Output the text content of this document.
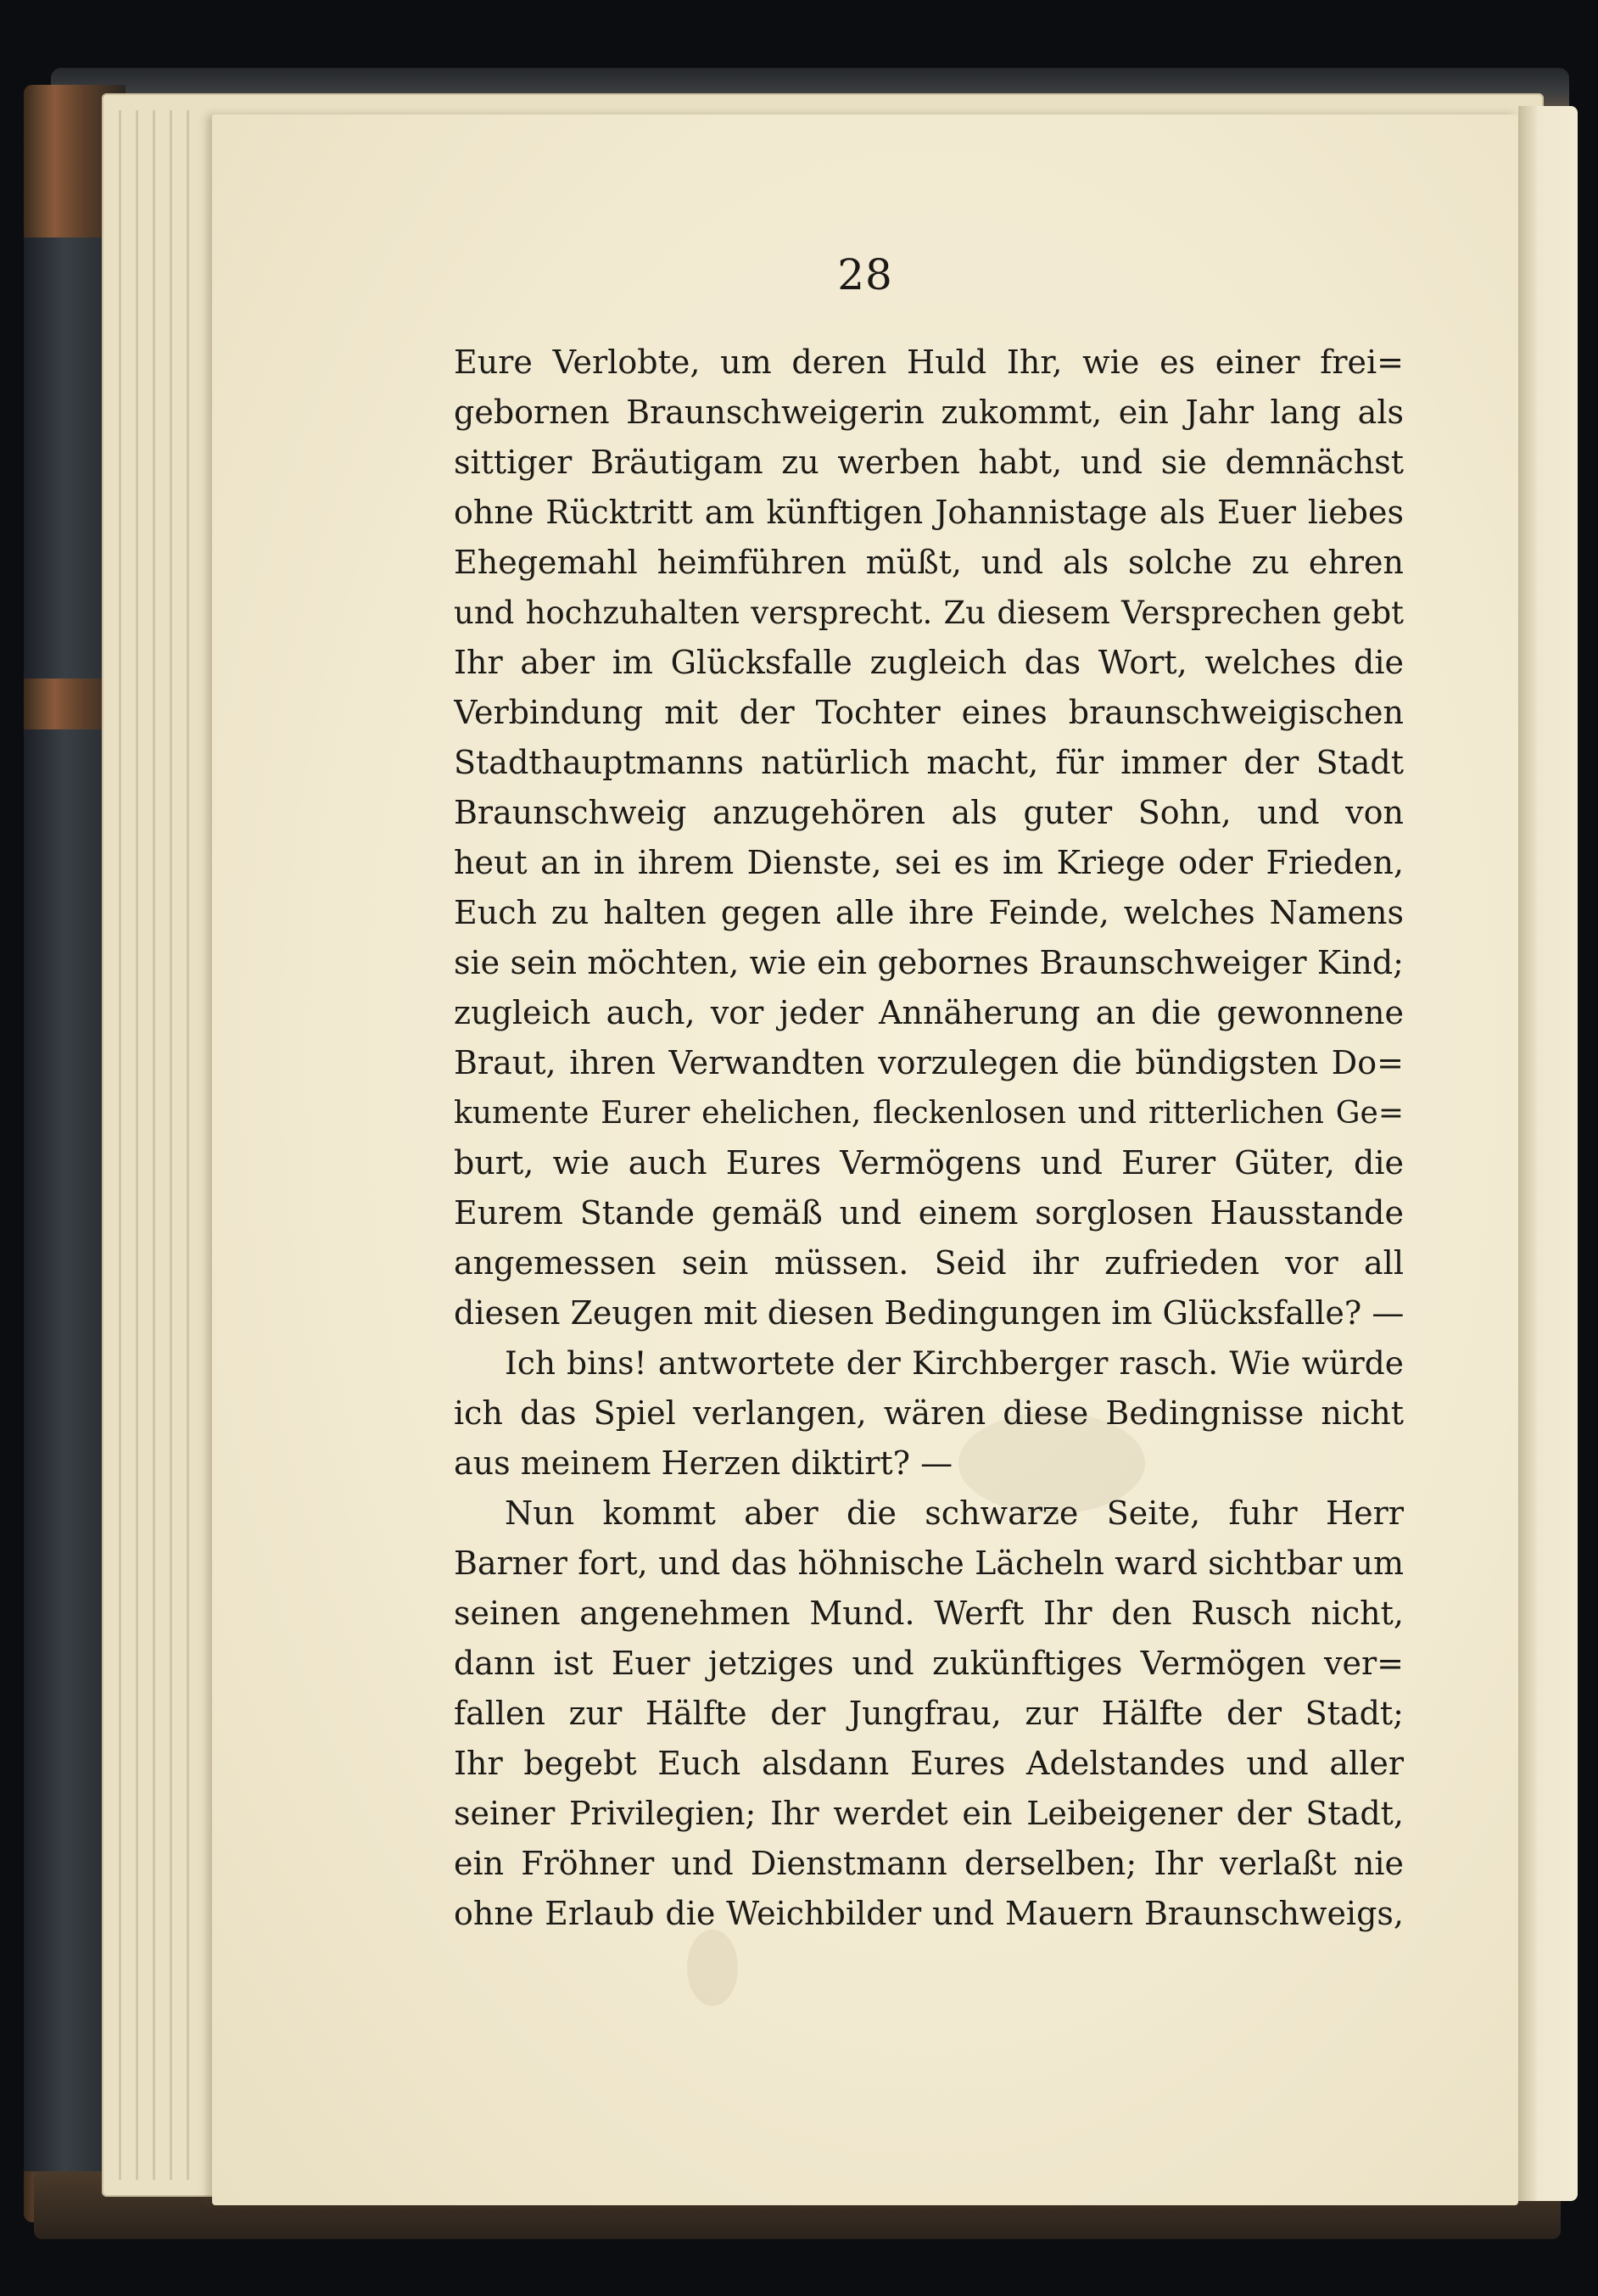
28
Eure Verlobte, um deren Huld Ihr, wie es einer frei=
gebornen Braunschweigerin zukommt, ein Jahr lang als
sittiger Bräutigam zu werben habt, und sie demnächst
ohne Rücktritt am künftigen Johannistage als Euer liebes
Ehegemahl heimführen müßt, und als solche zu ehren
und hochzuhalten versprecht. Zu diesem Versprechen gebt
Ihr aber im Glücksfalle zugleich das Wort, welches die
Verbindung mit der Tochter eines braunschweigischen
Stadthauptmanns natürlich macht, für immer der Stadt
Braunschweig anzugehören als guter Sohn, und von
heut an in ihrem Dienste, sei es im Kriege oder Frieden,
Euch zu halten gegen alle ihre Feinde, welches Namens
sie sein möchten, wie ein gebornes Braunschweiger Kind;
zugleich auch, vor jeder Annäherung an die gewonnene
Braut, ihren Verwandten vorzulegen die bündigsten Do=
kumente Eurer ehelichen, fleckenlosen und ritterlichen Ge=
burt, wie auch Eures Vermögens und Eurer Güter, die
Eurem Stande gemäß und einem sorglosen Hausstande
angemessen sein müssen. Seid ihr zufrieden vor all
diesen Zeugen mit diesen Bedingungen im Glücksfalle? —
Ich bins! antwortete der Kirchberger rasch. Wie würde
ich das Spiel verlangen, wären diese Bedingnisse nicht
aus meinem Herzen diktirt? —
Nun kommt aber die schwarze Seite, fuhr Herr
Barner fort, und das höhnische Lächeln ward sichtbar um
seinen angenehmen Mund. Werft Ihr den Rusch nicht,
dann ist Euer jetziges und zukünftiges Vermögen ver=
fallen zur Hälfte der Jungfrau, zur Hälfte der Stadt;
Ihr begebt Euch alsdann Eures Adelstandes und aller
seiner Privilegien; Ihr werdet ein Leibeigener der Stadt,
ein Fröhner und Dienstmann derselben; Ihr verlaßt nie
ohne Erlaub die Weichbilder und Mauern Braunschweigs,
